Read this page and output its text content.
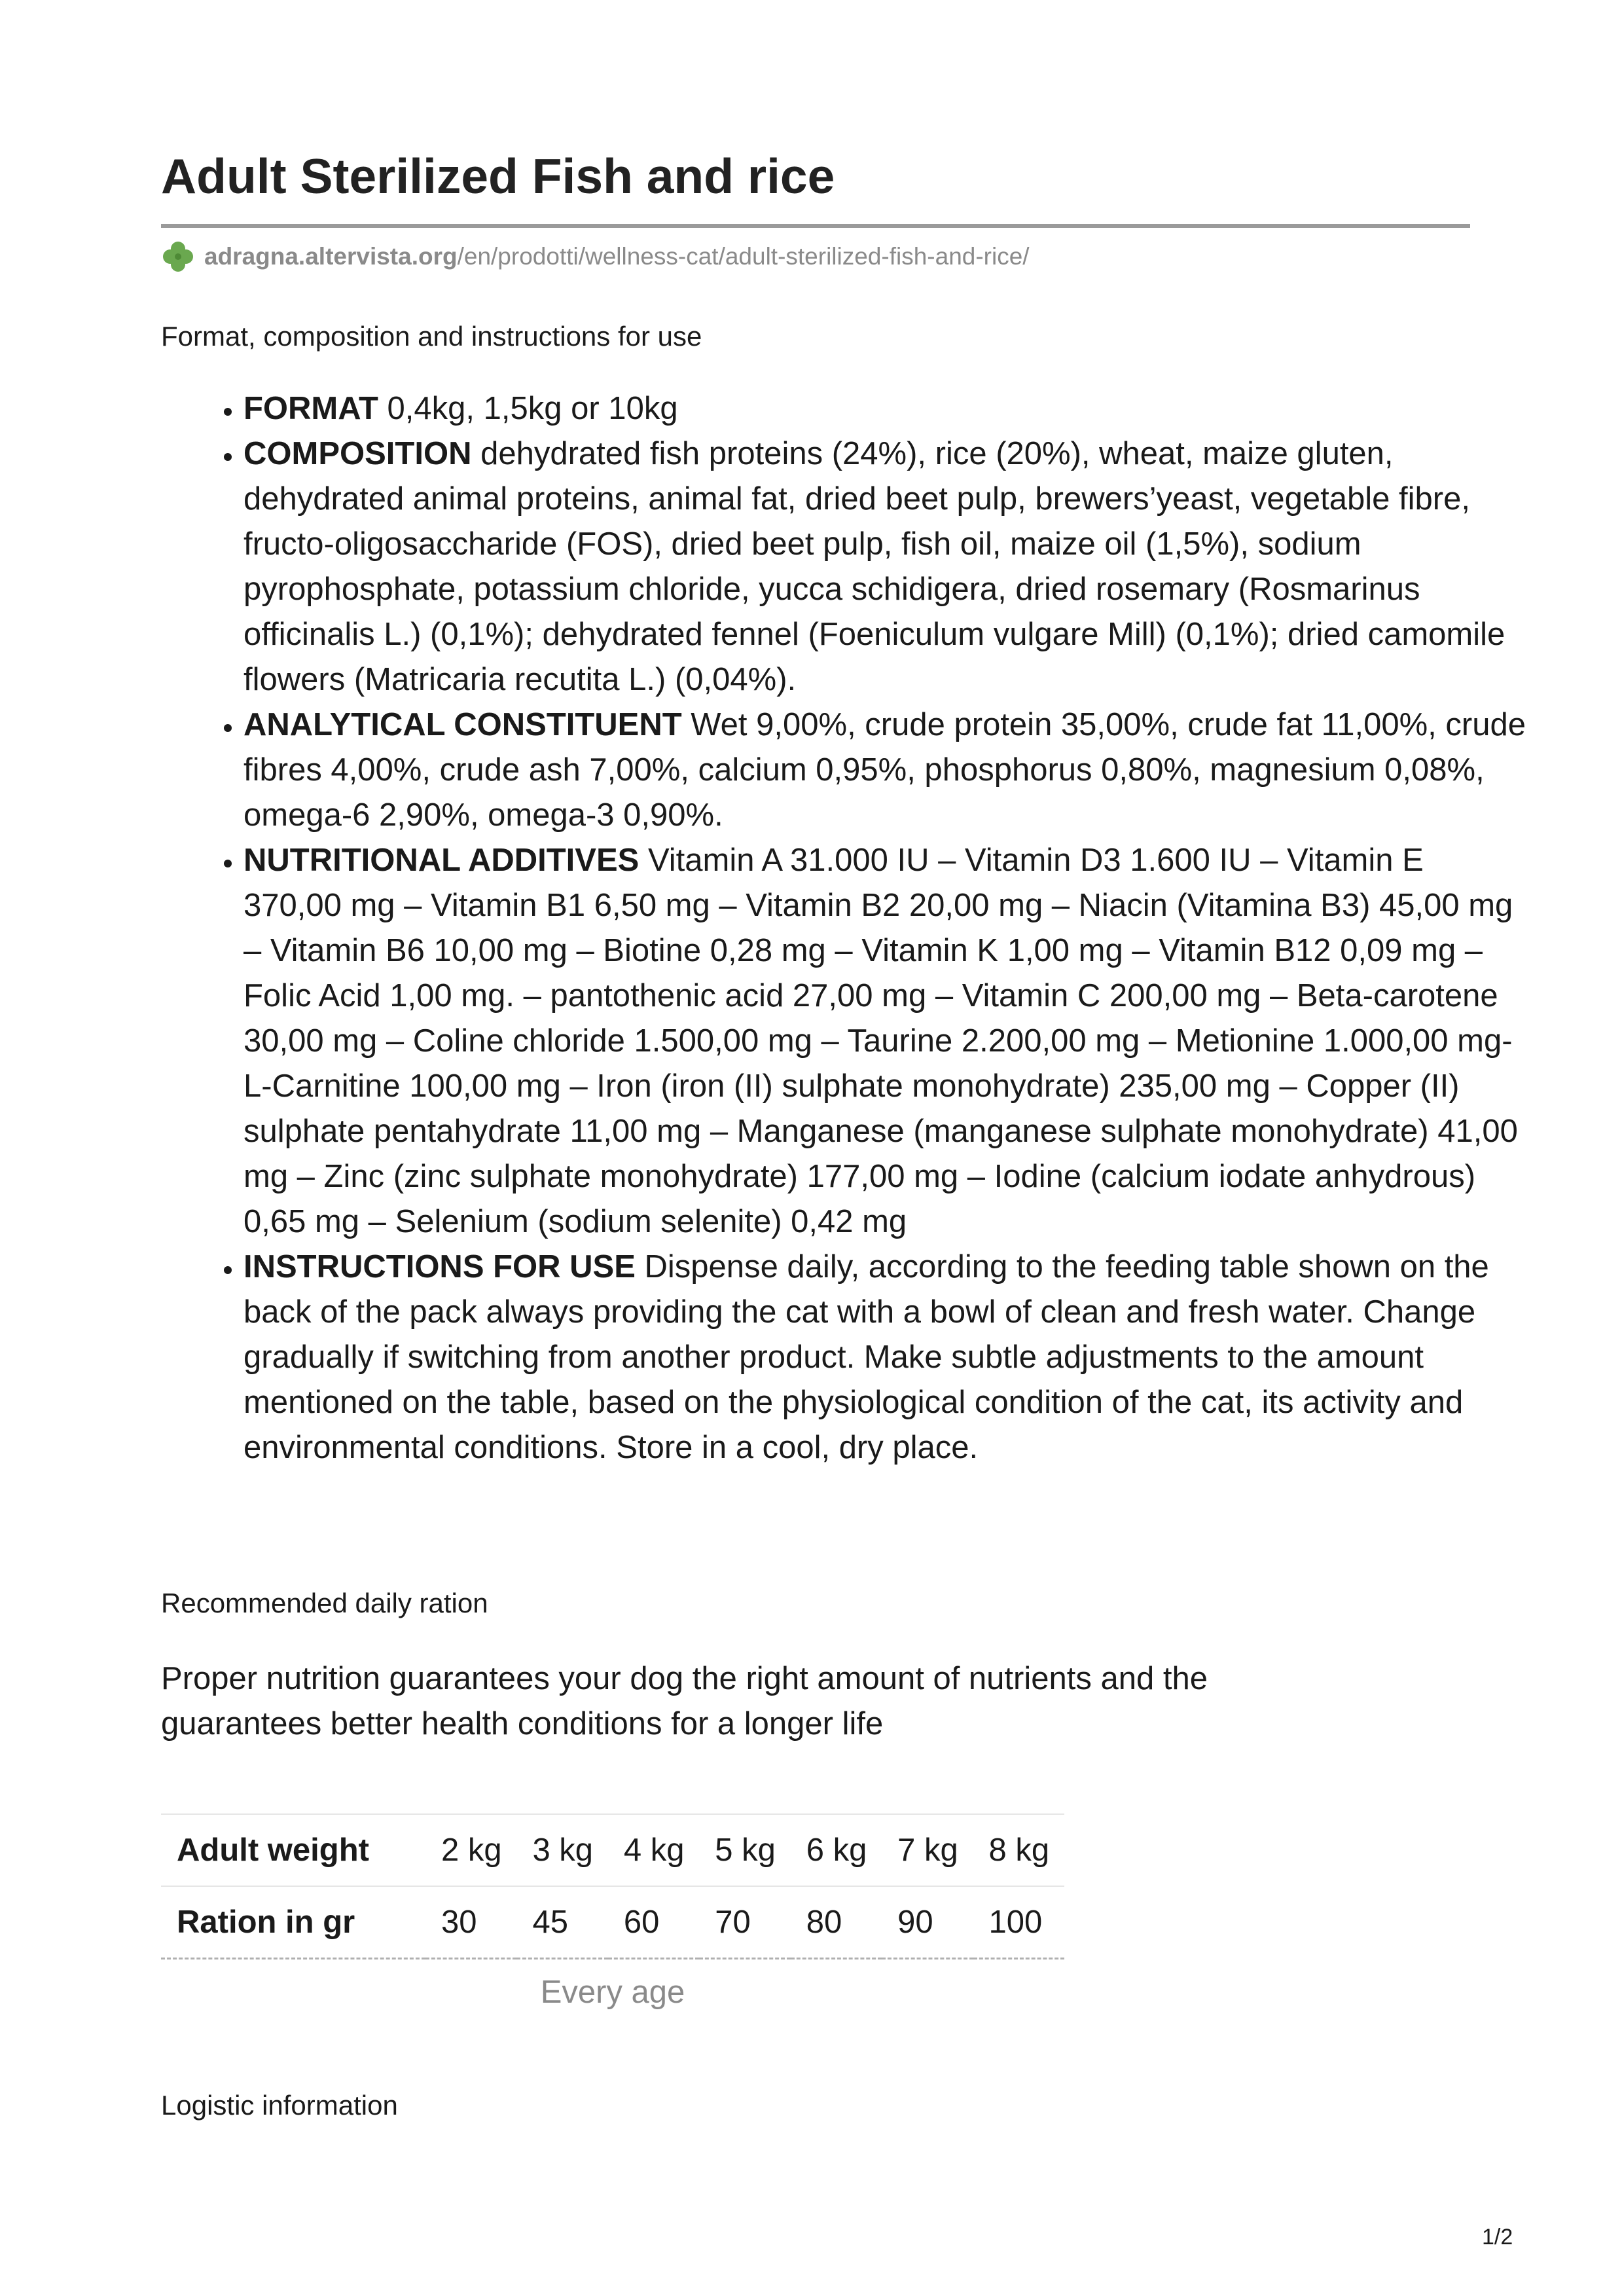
Adult Sterilized Fish and rice
adragna.altervista.org /en/prodotti/wellness-cat/adult-sterilized-fish-and-rice/

Format, composition and instructions for use

• FORMAT 0,4kg, 1,5kg or 10kg
• COMPOSITION dehydrated fish proteins (24%), rice (20%), wheat, maize gluten, dehydrated animal proteins, animal fat, dried beet pulp, brewers’yeast, vegetable fibre, fructo-oligosaccharide (FOS), dried beet pulp, fish oil, maize oil (1,5%), sodium pyrophosphate, potassium chloride, yucca schidigera, dried rosemary (Rosmarinus officinalis L.) (0,1%); dehydrated fennel (Foeniculum vulgare Mill) (0,1%); dried camomile flowers (Matricaria recutita L.) (0,04%).
• ANALYTICAL CONSTITUENT Wet 9,00%, crude protein 35,00%, crude fat 11,00%, crude fibres 4,00%, crude ash 7,00%, calcium 0,95%, phosphorus 0,80%, magnesium 0,08%, omega-6 2,90%, omega-3 0,90%.
• NUTRITIONAL ADDITIVES Vitamin A 31.000 IU – Vitamin D3 1.600 IU – Vitamin E 370,00 mg – Vitamin B1 6,50 mg – Vitamin B2 20,00 mg – Niacin (Vitamina B3) 45,00 mg – Vitamin B6 10,00 mg – Biotine 0,28 mg – Vitamin K 1,00 mg – Vitamin B12 0,09 mg – Folic Acid 1,00 mg. – pantothenic acid 27,00 mg – Vitamin C 200,00 mg – Beta-carotene 30,00 mg – Coline chloride 1.500,00 mg – Taurine 2.200,00 mg – Metionine 1.000,00 mg- L-Carnitine 100,00 mg – Iron (iron (II) sulphate monohydrate) 235,00 mg – Copper (II) sulphate pentahydrate 11,00 mg – Manganese (manganese sulphate monohydrate) 41,00 mg – Zinc (zinc sulphate monohydrate) 177,00 mg – Iodine (calcium iodate anhydrous) 0,65 mg – Selenium (sodium selenite) 0,42 mg
• INSTRUCTIONS FOR USE Dispense daily, according to the feeding table shown on the back of the pack always providing the cat with a bowl of clean and fresh water. Change gradually if switching from another product. Make subtle adjustments to the amount mentioned on the table, based on the physiological condition of the cat, its activity and environmental conditions. Store in a cool, dry place.

Recommended daily ration

Proper nutrition guarantees your dog the right amount of nutrients and the guarantees better health conditions for a longer life

Adult weight	2 kg	3 kg	4 kg	5 kg	6 kg	7 kg	8 kg
Ration in gr	30	45	60	70	80	90	100

Every age

Logistic information

1/2
